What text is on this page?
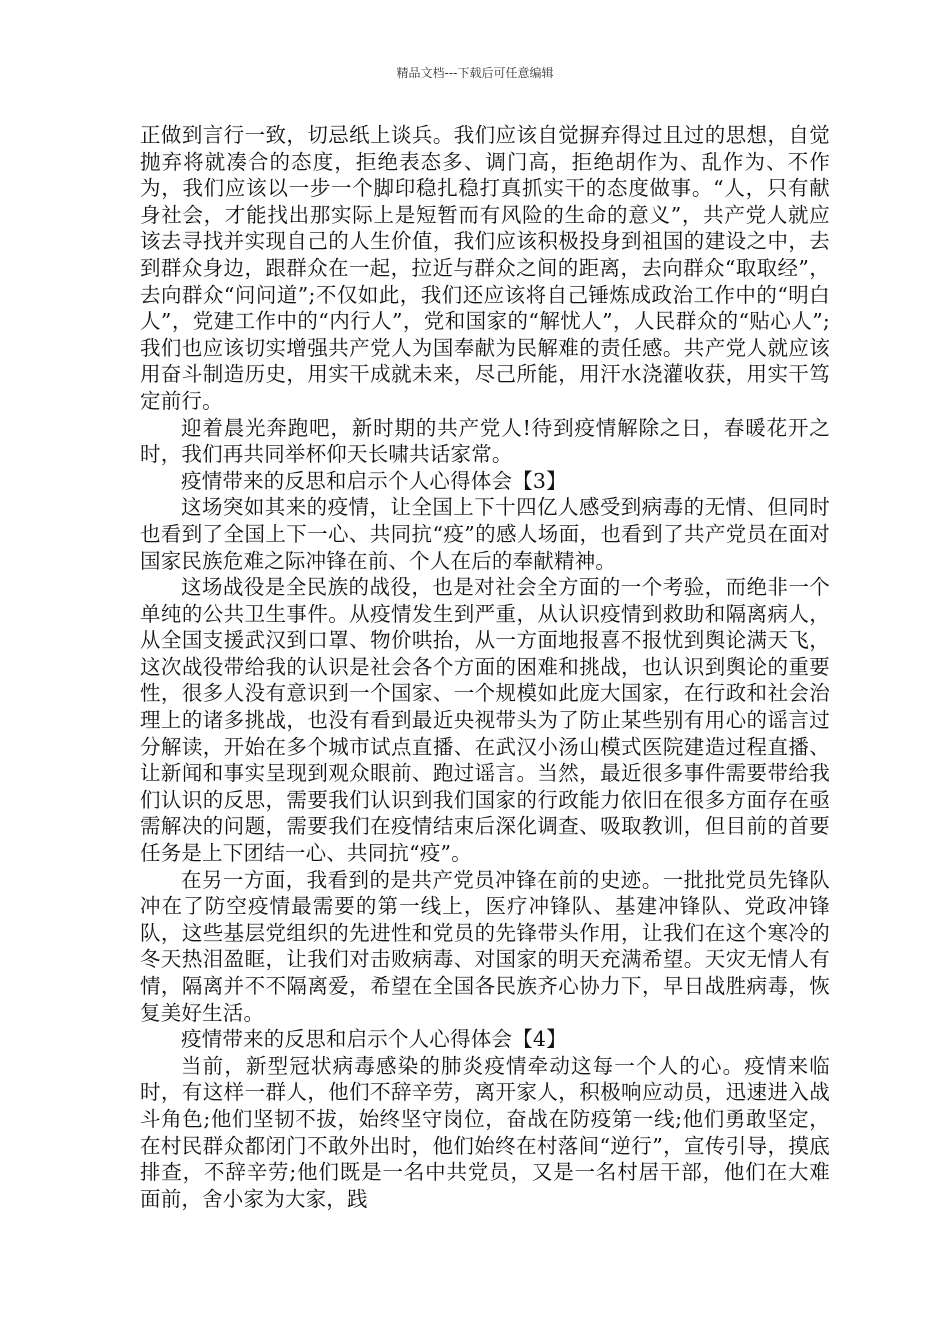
精品文档---下载后可任意编辑

正做到言行一致，切忌纸上谈兵。我们应该自觉摒弃得过且过的思想，自觉抛弃将就凑合的态度，拒绝表态多、调门高，拒绝胡作为、乱作为、不作为，我们应该以一步一个脚印稳扎稳打真抓实干的态度做事。“人，只有献身社会，才能找出那实际上是短暂而有风险的生命的意义”，共产党人就应该去寻找并实现自己的人生价值，我们应该积极投身到祖国的建设之中，去到群众身边，跟群众在一起，拉近与群众之间的距离，去向群众“取取经”，去向群众“问问道”;不仅如此，我们还应该将自己锤炼成政治工作中的“明白人”，党建工作中的“内行人”，党和国家的“解忧人”，人民群众的“贴心人”;我们也应该切实增强共产党人为国奉献为民解难的责任感。共产党人就应该用奋斗制造历史，用实干成就未来，尽己所能，用汗水浇灌收获，用实干笃定前行。

迎着晨光奔跑吧，新时期的共产党人!待到疫情解除之日，春暖花开之时，我们再共同举杯仰天长啸共话家常。

疫情带来的反思和启示个人心得体会【3】

这场突如其来的疫情，让全国上下十四亿人感受到病毒的无情、但同时也看到了全国上下一心、共同抗“疫”的感人场面，也看到了共产党员在面对国家民族危难之际冲锋在前、个人在后的奉献精神。

这场战役是全民族的战役，也是对社会全方面的一个考验，而绝非一个单纯的公共卫生事件。从疫情发生到严重，从认识疫情到救助和隔离病人，从全国支援武汉到口罩、物价哄抬，从一方面地报喜不报忧到舆论满天飞，这次战役带给我的认识是社会各个方面的困难和挑战，也认识到舆论的重要性，很多人没有意识到一个国家、一个规模如此庞大国家，在行政和社会治理上的诸多挑战，也没有看到最近央视带头为了防止某些别有用心的谣言过分解读，开始在多个城市试点直播、在武汉小汤山模式医院建造过程直播、让新闻和事实呈现到观众眼前、跑过谣言。当然，最近很多事件需要带给我们认识的反思，需要我们认识到我们国家的行政能力依旧在很多方面存在亟需解决的问题，需要我们在疫情结束后深化调查、吸取教训，但目前的首要任务是上下团结一心、共同抗“疫”。

在另一方面，我看到的是共产党员冲锋在前的史迹。一批批党员先锋队冲在了防空疫情最需要的第一线上，医疗冲锋队、基建冲锋队、党政冲锋队，这些基层党组织的先进性和党员的先锋带头作用，让我们在这个寒冷的冬天热泪盈眶，让我们对击败病毒、对国家的明天充满希望。天灾无情人有情，隔离并不不隔离爱，希望在全国各民族齐心协力下，早日战胜病毒，恢复美好生活。

疫情带来的反思和启示个人心得体会【4】

当前，新型冠状病毒感染的肺炎疫情牵动这每一个人的心。疫情来临时，有这样一群人，他们不辞辛劳，离开家人，积极响应动员，迅速进入战斗角色;他们坚韧不拔，始终坚守岗位，奋战在防疫第一线;他们勇敢坚定，在村民群众都闭门不敢外出时，他们始终在村落间“逆行”，宣传引导，摸底排查，不辞辛劳;他们既是一名中共党员，又是一名村居干部，他们在大难面前，舍小家为大家，践
